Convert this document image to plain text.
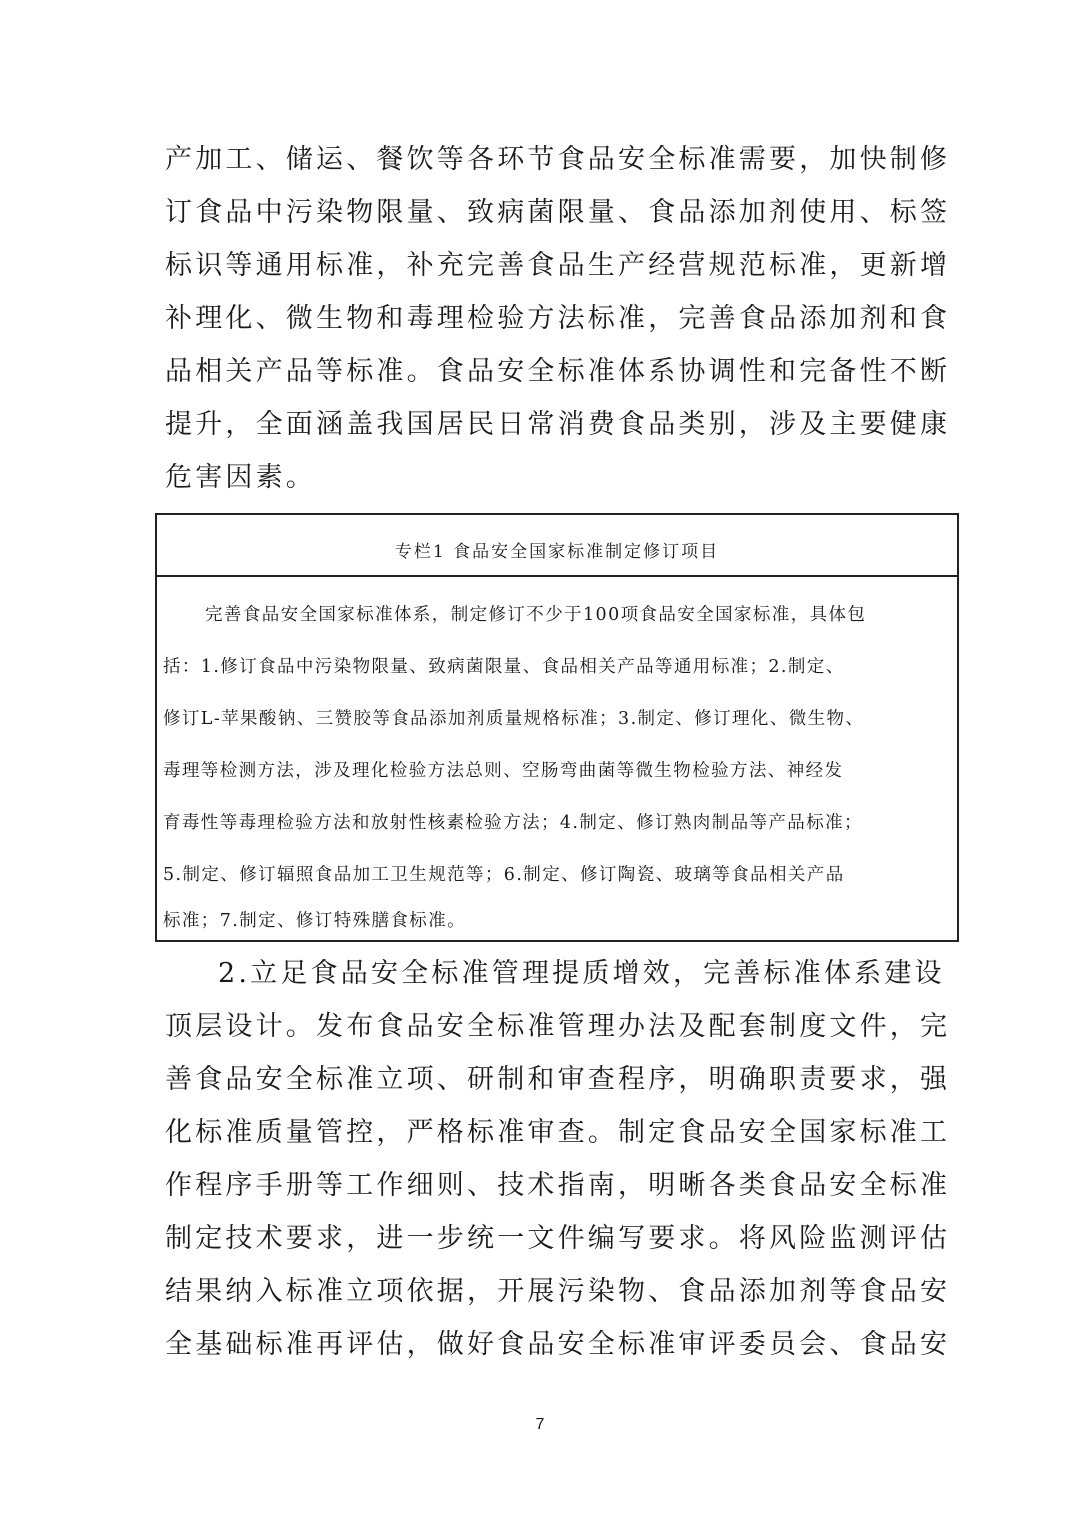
产加工、储运、餐饮等各环节食品安全标准需要，加快制修
订食品中污染物限量、致病菌限量、食品添加剂使用、标签
标识等通用标准，补充完善食品生产经营规范标准，更新增
补理化、微生物和毒理检验方法标准，完善食品添加剂和食
品相关产品等标准。食品安全标准体系协调性和完备性不断
提升，全面涵盖我国居民日常消费食品类别，涉及主要健康
危害因素。
专栏1 食品安全国家标准制定修订项目
完善食品安全国家标准体系，制定修订不少于100项食品安全国家标准，具体包
括：1.修订食品中污染物限量、致病菌限量、食品相关产品等通用标准；2.制定、
修订L-苹果酸钠、三赞胶等食品添加剂质量规格标准；3.制定、修订理化、微生物、
毒理等检测方法，涉及理化检验方法总则、空肠弯曲菌等微生物检验方法、神经发
育毒性等毒理检验方法和放射性核素检验方法；4.制定、修订熟肉制品等产品标准；
5.制定、修订辐照食品加工卫生规范等；6.制定、修订陶瓷、玻璃等食品相关产品
标准；7.制定、修订特殊膳食标准。
2.立足食品安全标准管理提质增效，完善标准体系建设
顶层设计。发布食品安全标准管理办法及配套制度文件，完
善食品安全标准立项、研制和审查程序，明确职责要求，强
化标准质量管控，严格标准审查。制定食品安全国家标准工
作程序手册等工作细则、技术指南，明晰各类食品安全标准
制定技术要求，进一步统一文件编写要求。将风险监测评估
结果纳入标准立项依据，开展污染物、食品添加剂等食品安
全基础标准再评估，做好食品安全标准审评委员会、食品安
7
